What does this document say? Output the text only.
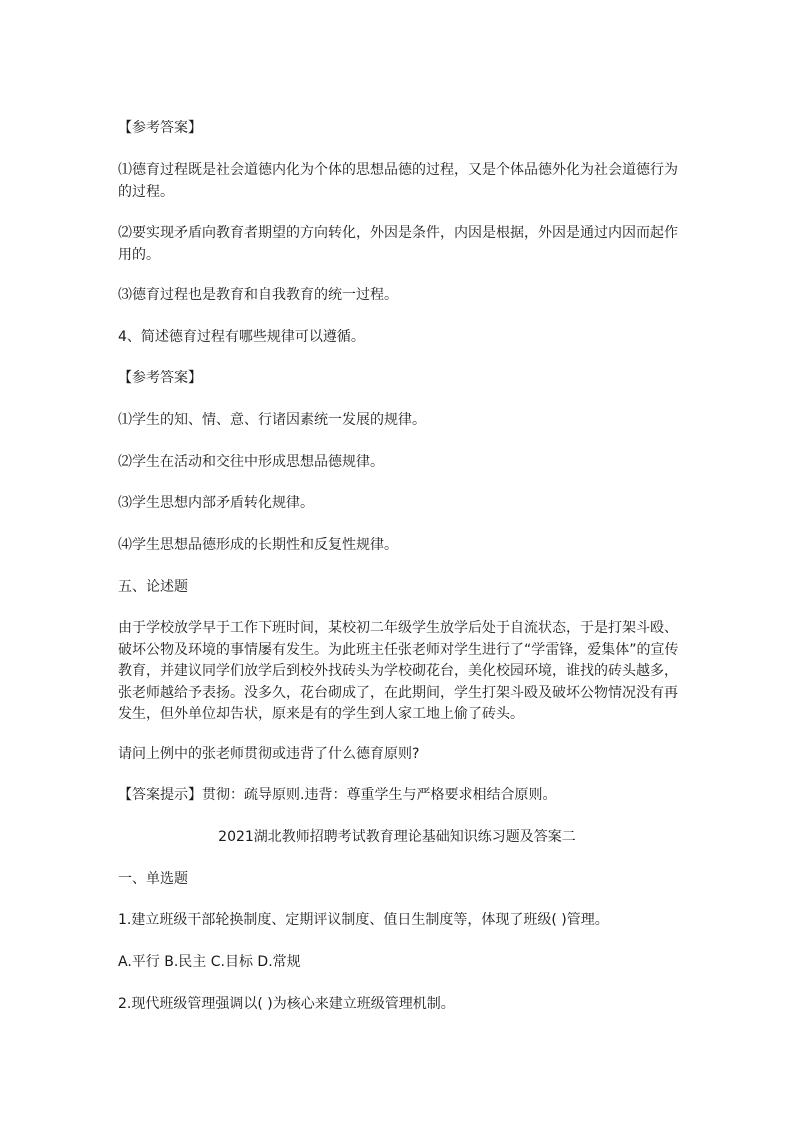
【参考答案】

⑴德育过程既是社会道德内化为个体的思想品德的过程，又是个体品德外化为社会道德行为的过程。

⑵要实现矛盾向教育者期望的方向转化，外因是条件，内因是根据，外因是通过内因而起作用的。

⑶德育过程也是教育和自我教育的统一过程。

4、简述德育过程有哪些规律可以遵循。

【参考答案】

⑴学生的知、情、意、行诸因素统一发展的规律。

⑵学生在活动和交往中形成思想品德规律。

⑶学生思想内部矛盾转化规律。

⑷学生思想品德形成的长期性和反复性规律。

五、论述题

由于学校放学早于工作下班时间，某校初二年级学生放学后处于自流状态，于是打架斗殴、破坏公物及环境的事情屡有发生。为此班主任张老师对学生进行了“学雷锋，爱集体”的宣传教育，并建议同学们放学后到校外找砖头为学校砌花台，美化校园环境，谁找的砖头越多，张老师越给予表扬。没多久，花台砌成了，在此期间，学生打架斗殴及破坏公物情况没有再发生，但外单位却告状，原来是有的学生到人家工地上偷了砖头。

请问上例中的张老师贯彻或违背了什么德育原则?

【答案提示】贯彻：疏导原则.违背：尊重学生与严格要求相结合原则。

2021湖北教师招聘考试教育理论基础知识练习题及答案二

一、单选题

1.建立班级干部轮换制度、定期评议制度、值日生制度等，体现了班级( )管理。

A.平行 B.民主 C.目标 D.常规

2.现代班级管理强调以( )为核心来建立班级管理机制。
